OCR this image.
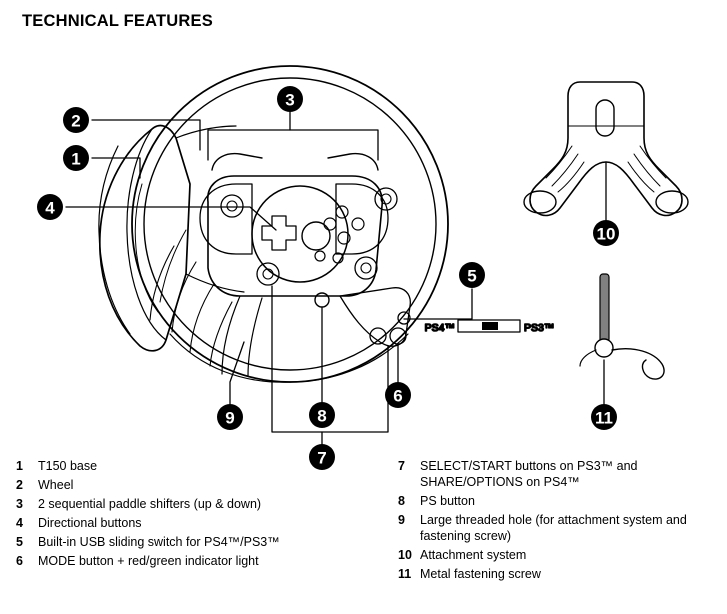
TECHNICAL FEATURES
PS4™	PS3™
2
1
3
4
5
6
7
8
9
10
11
1	T150 base
2	Wheel
3	2 sequential paddle shifters (up & down)
4	Directional buttons
5	Built-in USB sliding switch for PS4™/PS3™
6	MODE button + red/green indicator light
7	SELECT/START buttons on PS3™ and SHARE/OPTIONS on PS4™
8	PS button
9	Large threaded hole (for attachment system and fastening screw)
10 Attachment system
11 Metal fastening screw
